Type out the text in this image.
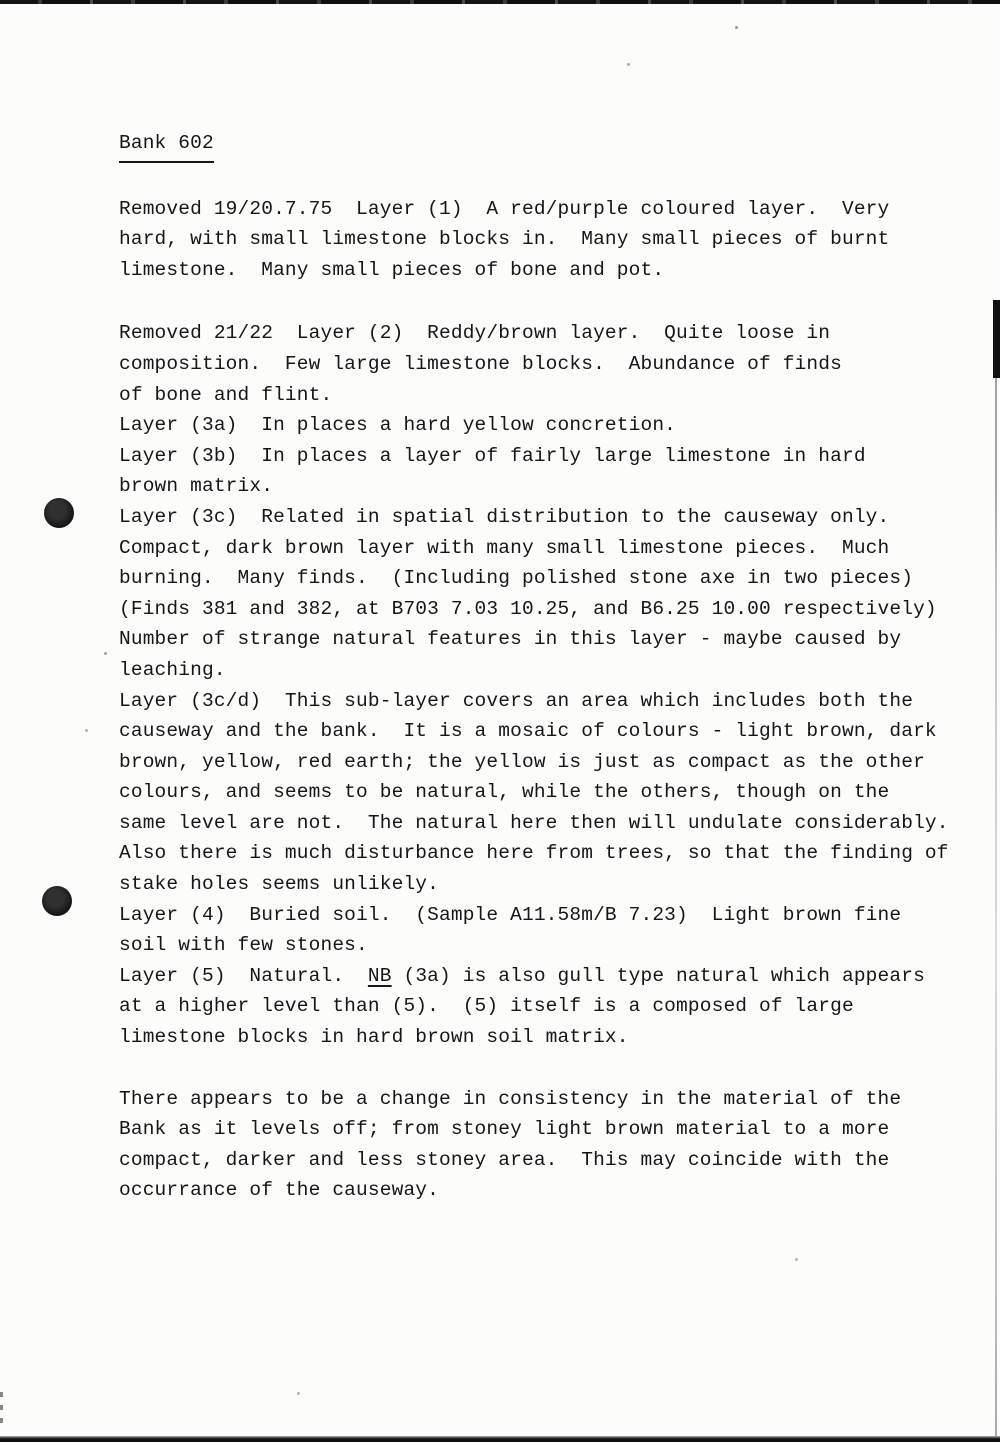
Bank 602
Removed 19/20.7.75  Layer (1)  A red/purple coloured layer.  Very
hard, with small limestone blocks in.  Many small pieces of burnt
limestone.  Many small pieces of bone and pot.
Removed 21/22  Layer (2)  Reddy/brown layer.  Quite loose in
composition.  Few large limestone blocks.  Abundance of finds
of bone and flint.
Layer (3a)  In places a hard yellow concretion.
Layer (3b)  In places a layer of fairly large limestone in hard
brown matrix.
Layer (3c)  Related in spatial distribution to the causeway only.
Compact, dark brown layer with many small limestone pieces.  Much
burning.  Many finds.  (Including polished stone axe in two pieces)
(Finds 381 and 382, at B703 7.03 10.25, and B6.25 10.00 respectively)
Number of strange natural features in this layer - maybe caused by
leaching.
Layer (3c/d)  This sub-layer covers an area which includes both the
causeway and the bank.  It is a mosaic of colours - light brown, dark
brown, yellow, red earth; the yellow is just as compact as the other
colours, and seems to be natural, while the others, though on the
same level are not.  The natural here then will undulate considerably.
Also there is much disturbance here from trees, so that the finding of
stake holes seems unlikely.
Layer (4)  Buried soil.  (Sample A11.58m/B 7.23)  Light brown fine
soil with few stones.
Layer (5)  Natural.  NB (3a) is also gull type natural which appears
at a higher level than (5).  (5) itself is a composed of large
limestone blocks in hard brown soil matrix.
There appears to be a change in consistency in the material of the
Bank as it levels off; from stoney light brown material to a more
compact, darker and less stoney area.  This may coincide with the
occurrance of the causeway.
